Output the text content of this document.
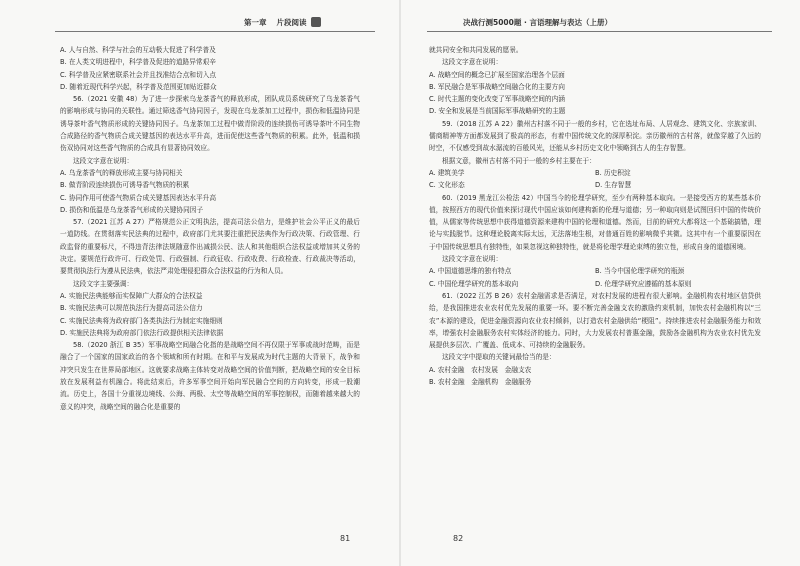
第一章 片段阅读

A. 人与自然、科学与社会的互动极大促进了科学普及

B. 在人类文明进程中，科学普及促进的道路异常艰辛

C. 科学普及应紧密联系社会并且找准结合点和切入点

D. 随着近现代科学兴起，科学普及范围更加贴近群众

56.（2021 安徽 48）为了进一步探索乌龙茶香气的释放形成，团队成员系统研究了乌龙茶香气的影响形成与协同的关联性。通过筛选香气协同因子，发现在乌龙茶加工过程中，损伤和低温协同是诱导茶叶香气物质形成的关键协同因子。乌龙茶加工过程中做青阶段的连续损伤可诱导茶叶不同生物合成路径的香气物质合成关键基因的表达水平升高，进而促使这些香气物质的积累。此外，低温和损伤双协同对这些香气物质的合成具有显著协同效应。

这段文字意在说明：

A. 乌龙茶香气的释放形成主要与协同相关

B. 做青阶段连续损伤可诱导香气物质的积累

C. 协同作用可使香气物质合成关键基因表达水平升高

D. 损伤和低温是乌龙茶香气形成的关键协同因子

57.（2021 江苏 A 27）严格规范公正文明执法，提高司法公信力，是维护社会公平正义的最后一道防线。在贯彻落实民法典的过程中，政府部门尤其要注重把民法典作为行政决策、行政管理、行政监督的重要标尺，不得违背法律法规随意作出减损公民、法人和其他组织合法权益或增加其义务的决定。要规范行政许可、行政处罚、行政强制、行政征收、行政收费、行政检查、行政裁决等活动，要贯彻执法行为遵从民法典，依法严肃处理侵犯群众合法权益的行为和人员。

这段文字主要强调：

A. 实施民法典能够而实保障广大群众的合法权益

B. 实施民法典可以规范执法行为提高司法公信力

C. 实施民法典将为政府部门各类执法行为制定实施细则

D. 实施民法典将为政府部门依法行政提供相关法律依据

58.（2020 浙江 B 35）军事战略空间融合化指的是战略空间不再仅限于军事或战时范畴，而是融合了一个国家的国家政治的各个领域和所有时期。在和平与发展成为时代主题的大背景下，战争和冲突只发生在世界局部地区。这就要求战略主体转变对战略空间的价值判断，把战略空间的安全目标放在发展利益有机融合。将此结束后，许多军事空间开始向军民融合空间的方向转变，形成一股潮流。历史上，各国十分重视边境线、公海、两极、太空等战略空间的军事控制权，而随着越来越大的意义的冲突，战略空间的融合化是重要的

81
决战行测5000题 · 言语理解与表达（上册）

就共同安全和共同发展的愿景。

这段文字意在说明：

A. 战略空间的概念已扩展至国家治理各个层面

B. 军民融合是军事战略空间融合化的主要方向

C. 时代主题的变化改变了军事战略空间的内涵

D. 安全和发展是当前国际军事战略研究的主题

59.（2018 江苏 A 22）徽州古村落不同于一般的乡村，它在选址布局、人居观念、建筑文化、宗族家训、儒商精神等方面都发展到了极高的形态，有着中国传统文化的深厚积淀。亲历徽州的古村落，就像穿越了久远的时空，不仅感受到故水潺流的百般风光，还能从乡村历史文化中领略到古人的生存智慧。

根据文意，徽州古村落不同于一般的乡村主要在于：

A. 建筑美学	B. 历史积淀
C. 文化形态	D. 生存智慧

60.（2019 黑龙江公检法 42）中国当今的伦理学研究，至少有两种基本取向。一是接受西方的某些基本价值，按照西方的现代价值来探讨现代中国应该如何建构新的伦理与道德；另一种取向则是试图回归中国的传统价值，从儒家等传统思想中获得道德资源来建构中国的伦理和道德。然而，目前的研究大都将这一个基础搞错，理论与实践脱节。这种理论脱离实际太远，无法落地生根，对普通百姓的影响微乎其微。这其中有一个重要原因在于中国传统思想具有独特性，如果忽视这种独特性，就是将伦理学理论束缚的独立性，形成自身的道德困境。

这段文字意在说明：

A. 中国道德思维的独有特点	B. 当今中国伦理学研究的瓶颈
C. 中国伦理学研究的基本取向	D. 伦理学研究应遵循的基本原则

61.（2022 江苏 B 26）农村金融需求是否满足，对农村发展的进程有很大影响。金融机构农村地区信贷供给，是我国推进农业农村优先发展的重要一环。要不断完善金融支农的激励约束机制，加快农村金融机构以“三农”本源的建设，促进金融资源向农业农村倾斜，以打造农村金融供给“梗阻”。持续推进农村金融服务能力和效率，增强农村金融服务农村实体经济的能力。同时，大力发展农村普惠金融，鼓励各金融机构为农业农村优先发展提供多层次、广覆盖、低成本、可持续的金融服务。

这段文字中提取的关键词最恰当的是：

A. 农村金融　农村发展　金融支农

B. 农村金融　金融机构　金融服务

82
